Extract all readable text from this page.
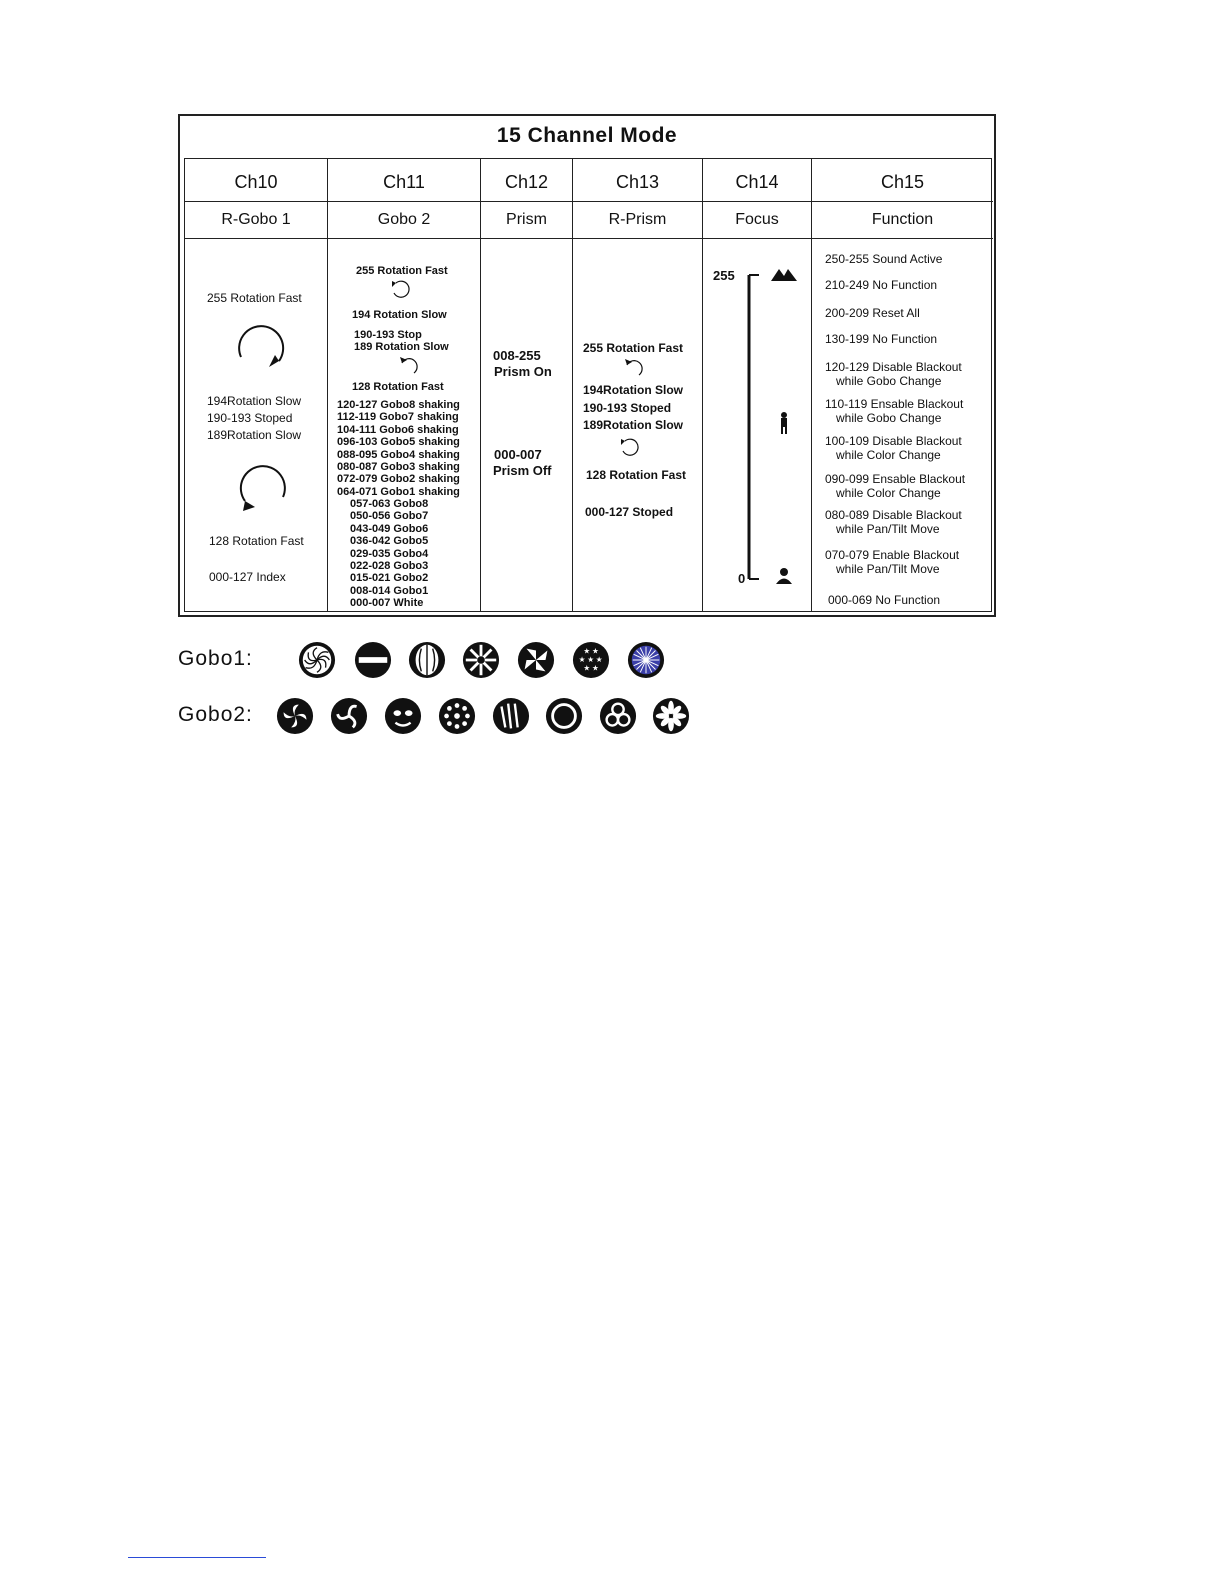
15 Channel Mode
Ch10
R-Gobo 1
255 Rotation Fast
194Rotation Slow
190-193 Stoped
189Rotation Slow
128 Rotation Fast
000-127 Index
Ch11
Gobo 2
255 Rotation Fast
194 Rotation Slow
190-193 Stop
189 Rotation Slow
128 Rotation Fast
120-127 Gobo8 shaking
112-119 Gobo7 shaking
104-111 Gobo6 shaking
096-103 Gobo5 shaking
088-095 Gobo4 shaking
080-087 Gobo3 shaking
072-079 Gobo2 shaking
064-071 Gobo1 shaking
057-063 Gobo8
050-056 Gobo7
043-049 Gobo6
036-042 Gobo5
029-035 Gobo4
022-028 Gobo3
015-021 Gobo2
008-014 Gobo1
000-007 White
Ch12
Prism
008-255
Prism On
000-007
Prism Off
Ch13
R-Prism
255 Rotation Fast
194Rotation Slow
190-193 Stoped
189Rotation Slow
128 Rotation Fast
000-127 Stoped
Ch14
Focus
255
0
Ch15
Function
250-255 Sound Active
210-249 No Function
200-209 Reset All
130-199 No Function
120-129 Disable Blackout
while Gobo Change
110-119 Ensable Blackout
while Gobo Change
100-109 Disable Blackout
while Color Change
090-099 Ensable Blackout
while Color Change
080-089 Disable Blackout
while Pan/Tilt Move
070-079 Enable Blackout
while Pan/Tilt Move
000-069 No Function
Gobo1:
Gobo2:
★ ★
★ ★ ★
★ ★
